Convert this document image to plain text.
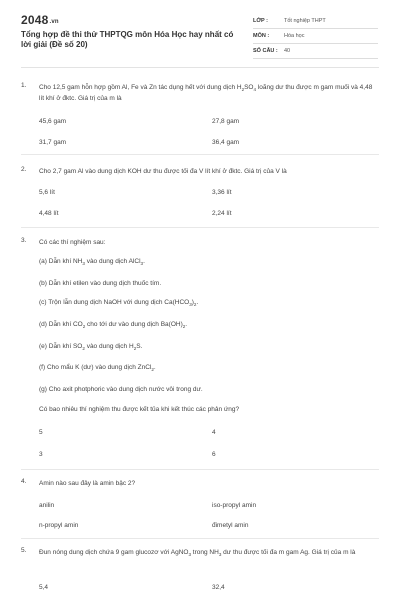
2048.vn
Tổng hợp đề thi thử THPTQG môn Hóa Học hay nhất có lời giải (Đề số 20)
LỚP :	Tốt nghiệp THPT
MÔN :	Hóa học
SỐ CÂU : 40
1. Cho 12,5 gam hỗn hợp gồm Al, Fe và Zn tác dụng hết với dung dịch $H_2SO_4$ loãng dư thu được m gam muối và 4,48 lít khí ở đktc. Giá trị của m là
45,6 gam	27,8 gam
31,7 gam	36,4 gam
2. Cho 2,7 gam Al vào dung dịch KOH dư thu được tối đa V lít khí ở đktc. Giá trị của V là
5,6 lít	3,36 lít
4,48 lít	2,24 lít
3. Có các thí nghiệm sau:
(a) Dẫn khí $NH_3$ vào dung dịch AlCl$_3$.
(b) Dẫn khí etilen vào dung dịch thuốc tím.
(c) Trộn lẫn dung dịch NaOH với dung dịch $Ca(HCO_3)_2$.
(d) Dẫn khí $CO_2$ cho tới dư vào dung dịch $Ba(OH)_2$.
(e) Dẫn khí $SO_2$ vào dung dịch $H_2S$.
(f) Cho mẩu K (dư) vào dung dịch ZnCl$_2$.
(g) Cho axit photphoric vào dung dịch nước vôi trong dư.
Có bao nhiêu thí nghiệm thu được kết tủa khi kết thúc các phản ứng?
5	4
3	6
4. Amin nào sau đây là amin bậc 2?
anilin	iso-propyl amin
n-propyl amin	đimetyl amin
5. Đun nóng dung dịch chứa 9 gam glucozơ với AgNO$_3$ trong $NH_3$ dư thu được tối đa m gam Ag. Giá trị của m là
5,4	32,4
